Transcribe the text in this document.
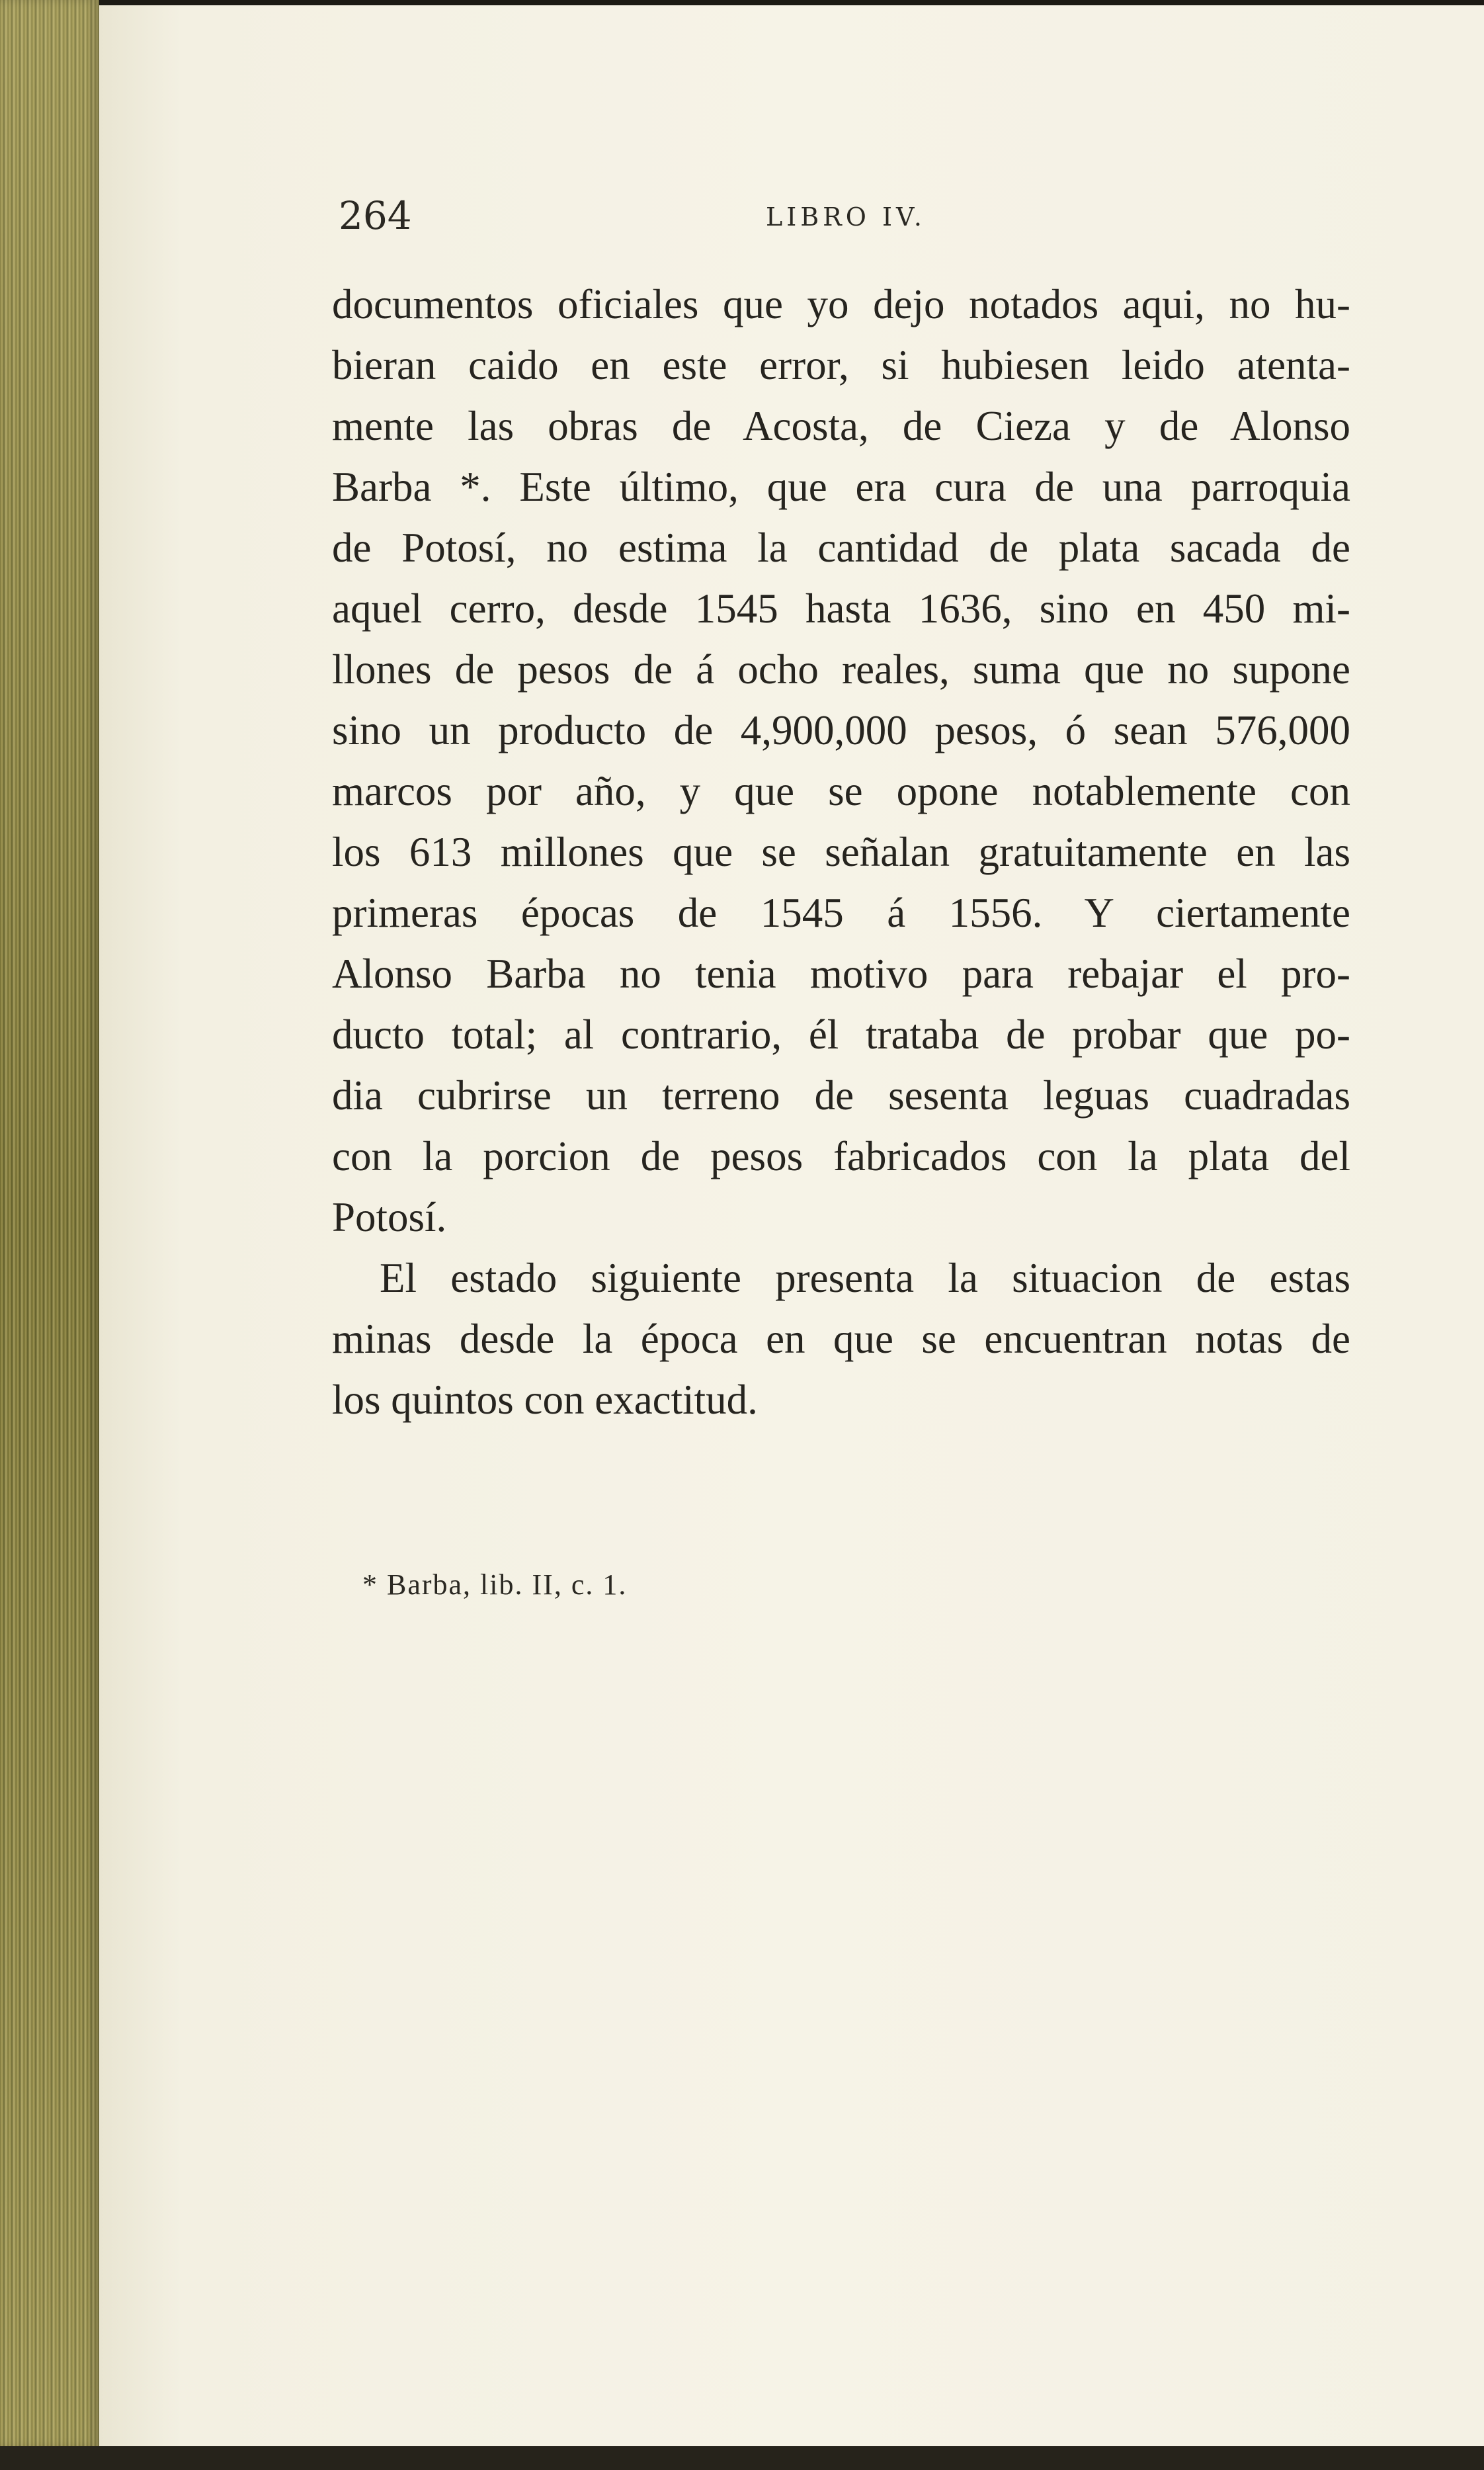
264	LIBRO IV.
documentos oficiales que yo dejo notados aqui, no hu-
bieran caido en este error, si hubiesen leido atenta-
mente las obras de Acosta, de Cieza y de Alonso
Barba *. Este último, que era cura de una parroquia
de Potosí, no estima la cantidad de plata sacada de
aquel cerro, desde 1545 hasta 1636, sino en 450 mi-
llones de pesos de á ocho reales, suma que no supone
sino un producto de 4,900,000 pesos, ó sean 576,000
marcos por año, y que se opone notablemente con
los 613 millones que se señalan gratuitamente en las
primeras épocas de 1545 á 1556. Y ciertamente
Alonso Barba no tenia motivo para rebajar el pro-
ducto total; al contrario, él trataba de probar que po-
dia cubrirse un terreno de sesenta leguas cuadradas
con la porcion de pesos fabricados con la plata del
Potosí.
El estado siguiente presenta la situacion de estas
minas desde la época en que se encuentran notas de
los quintos con exactitud.
* Barba, lib. II, c. 1.
